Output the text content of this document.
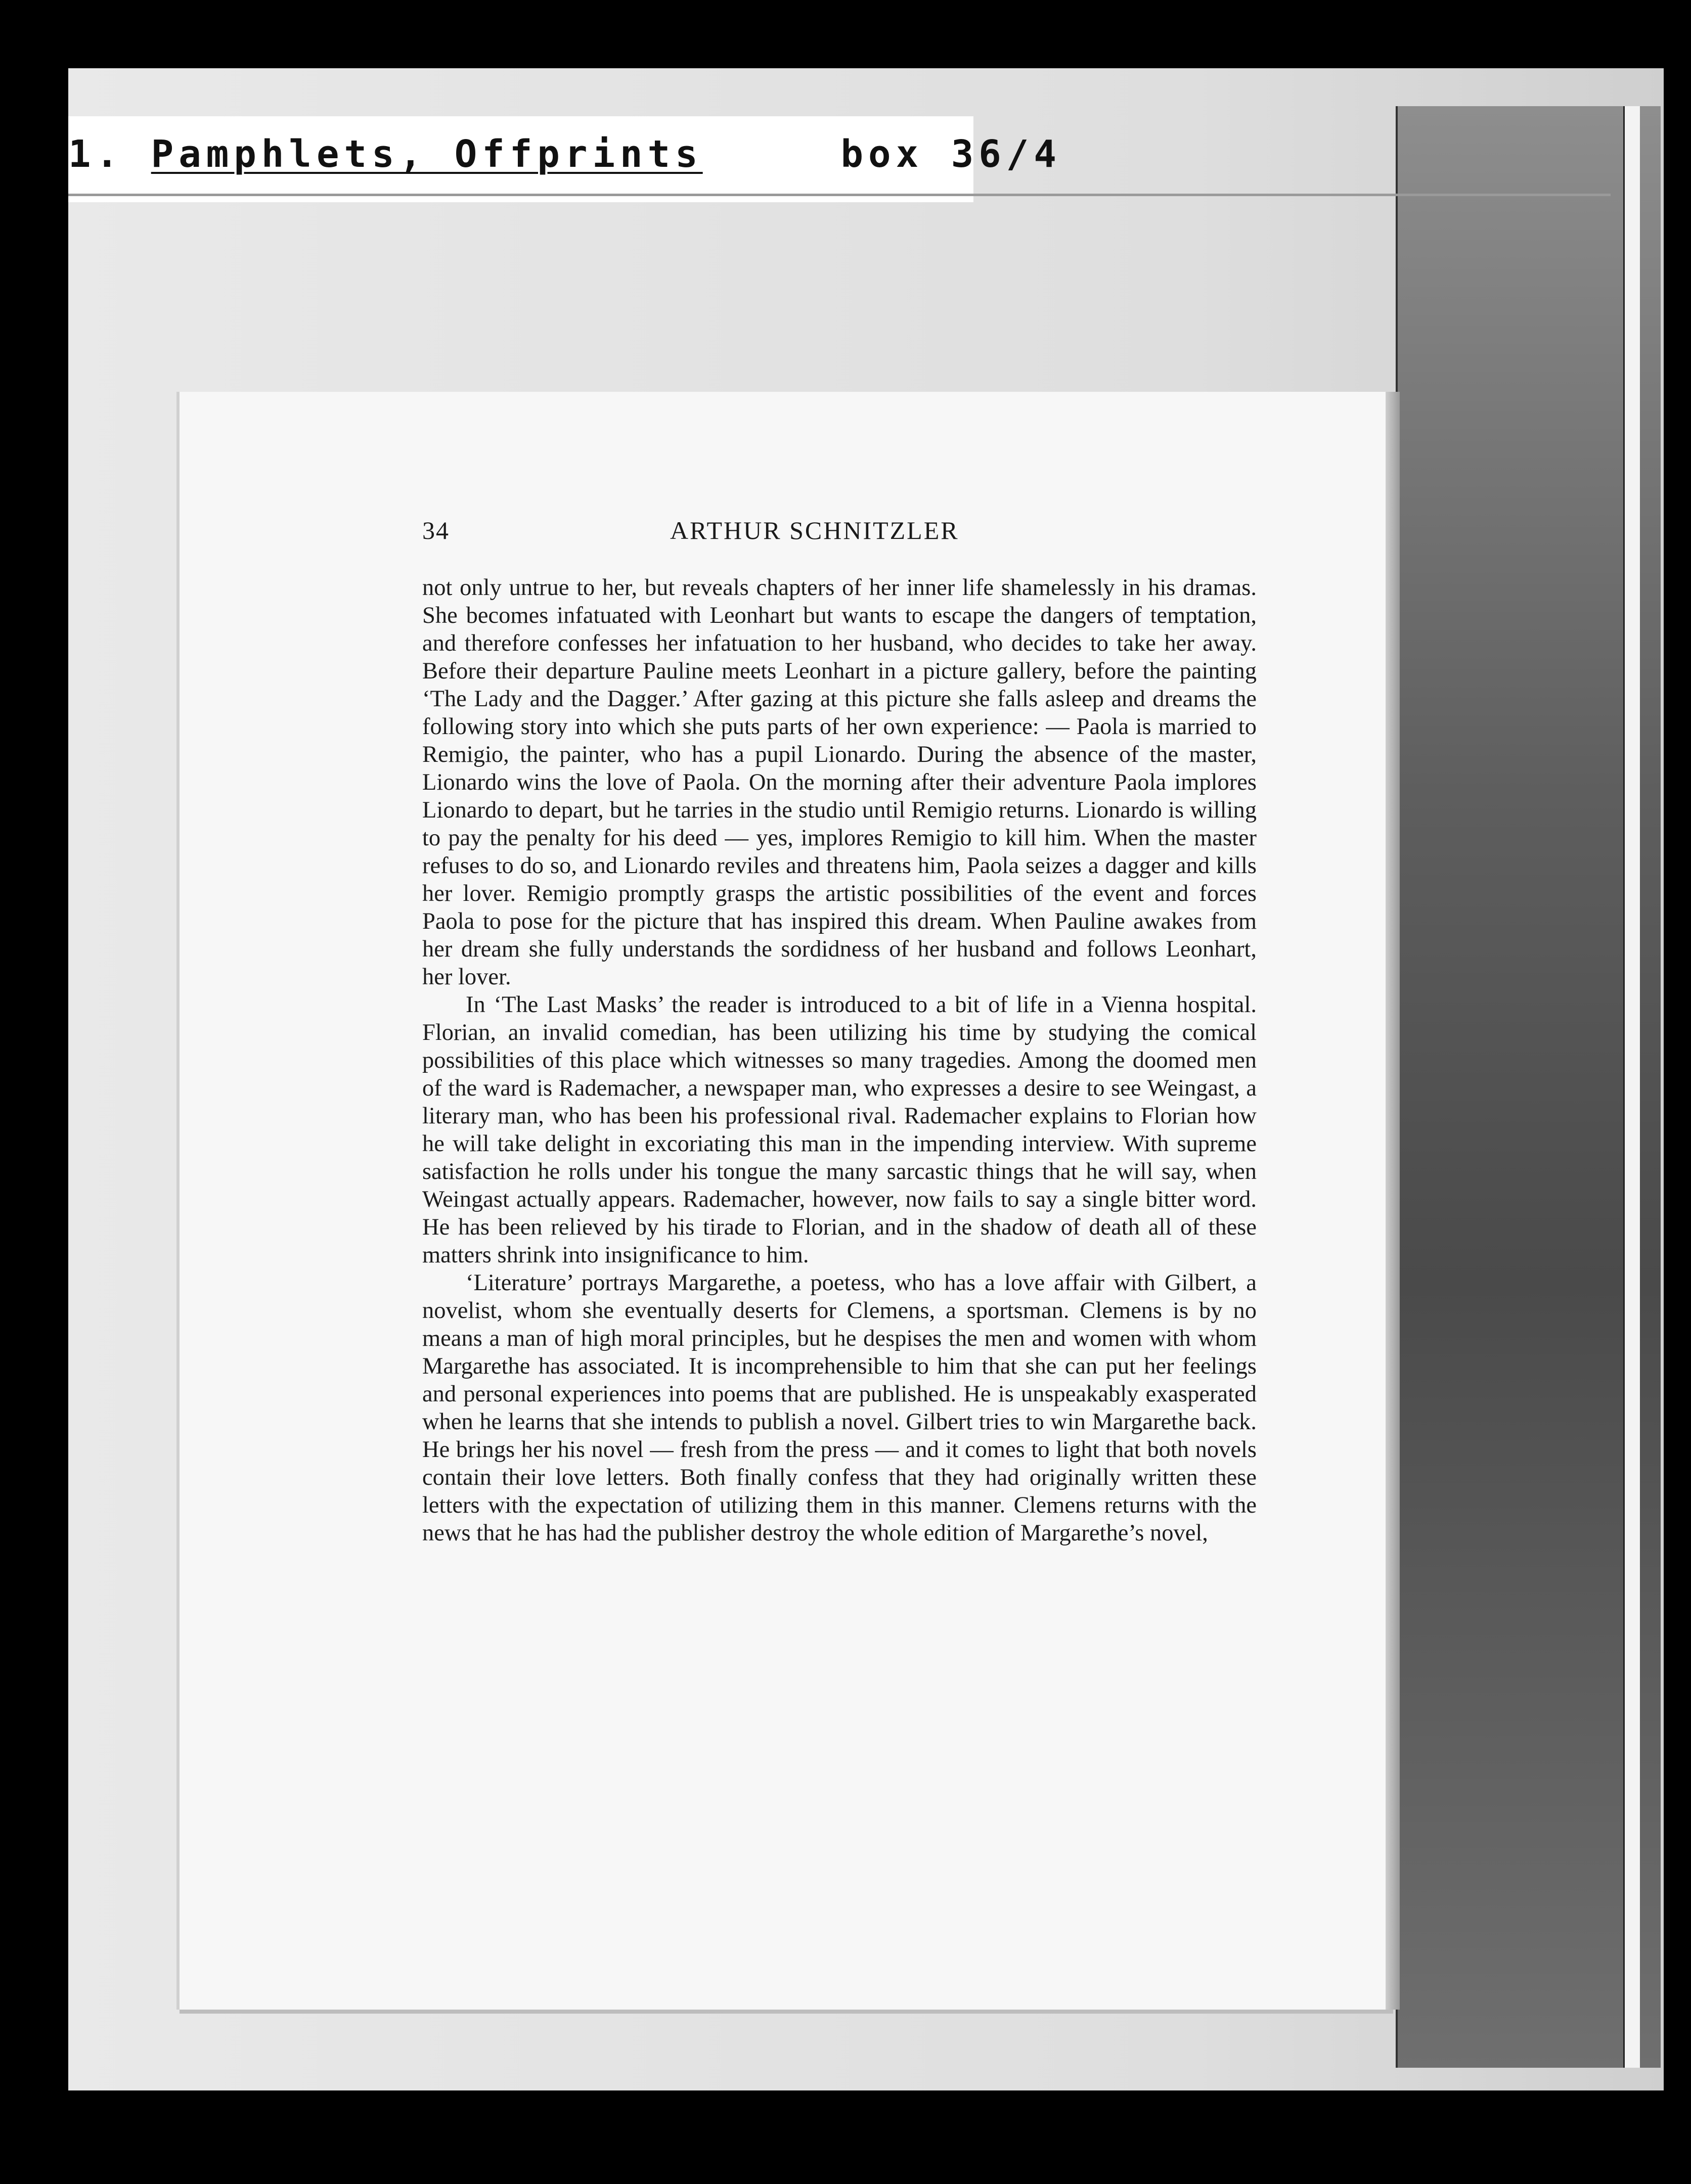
1. Pamphlets, Offprints	box 36/4
34	ARTHUR SCHNITZLER

not only untrue to her, but reveals chapters of her inner life shamelessly in his dramas. She becomes infatuated with Leonhart but wants to escape the dangers of temptation, and therefore confesses her infatuation to her husband, who decides to take her away. Before their departure Pauline meets Leonhart in a picture gallery, before the painting ‘The Lady and the Dagger.’ After gazing at this picture she falls asleep and dreams the following story into which she puts parts of her own experience: — Paola is married to Remigio, the painter, who has a pupil Lionardo. During the absence of the master, Lionardo wins the love of Paola. On the morning after their adventure Paola implores Lionardo to depart, but he tarries in the studio until Remigio returns. Lionardo is willing to pay the penalty for his deed — yes, implores Remigio to kill him. When the master refuses to do so, and Lionardo reviles and threatens him, Paola seizes a dagger and kills her lover. Remigio promptly grasps the artistic possibilities of the event and forces Paola to pose for the picture that has inspired this dream. When Pauline awakes from her dream she fully understands the sordidness of her husband and follows Leonhart, her lover.

In ‘The Last Masks’ the reader is introduced to a bit of life in a Vienna hospital. Florian, an invalid comedian, has been utilizing his time by studying the comical possibilities of this place which witnesses so many tragedies. Among the doomed men of the ward is Rademacher, a newspaper man, who expresses a desire to see Weingast, a literary man, who has been his professional rival. Rademacher explains to Florian how he will take delight in excoriating this man in the impending interview. With supreme satisfaction he rolls under his tongue the many sarcastic things that he will say, when Weingast actually appears. Rademacher, however, now fails to say a single bitter word. He has been relieved by his tirade to Florian, and in the shadow of death all of these matters shrink into insignificance to him.

‘Literature’ portrays Margarethe, a poetess, who has a love affair with Gilbert, a novelist, whom she eventually deserts for Clemens, a sportsman. Clemens is by no means a man of high moral principles, but he despises the men and women with whom Margarethe has associated. It is incomprehensible to him that she can put her feelings and personal experiences into poems that are published. He is unspeakably exasperated when he learns that she intends to publish a novel. Gilbert tries to win Margarethe back. He brings her his novel — fresh from the press — and it comes to light that both novels contain their love letters. Both finally confess that they had originally written these letters with the expectation of utilizing them in this manner. Clemens returns with the news that he has had the publisher destroy the whole edition of Margarethe’s novel,
